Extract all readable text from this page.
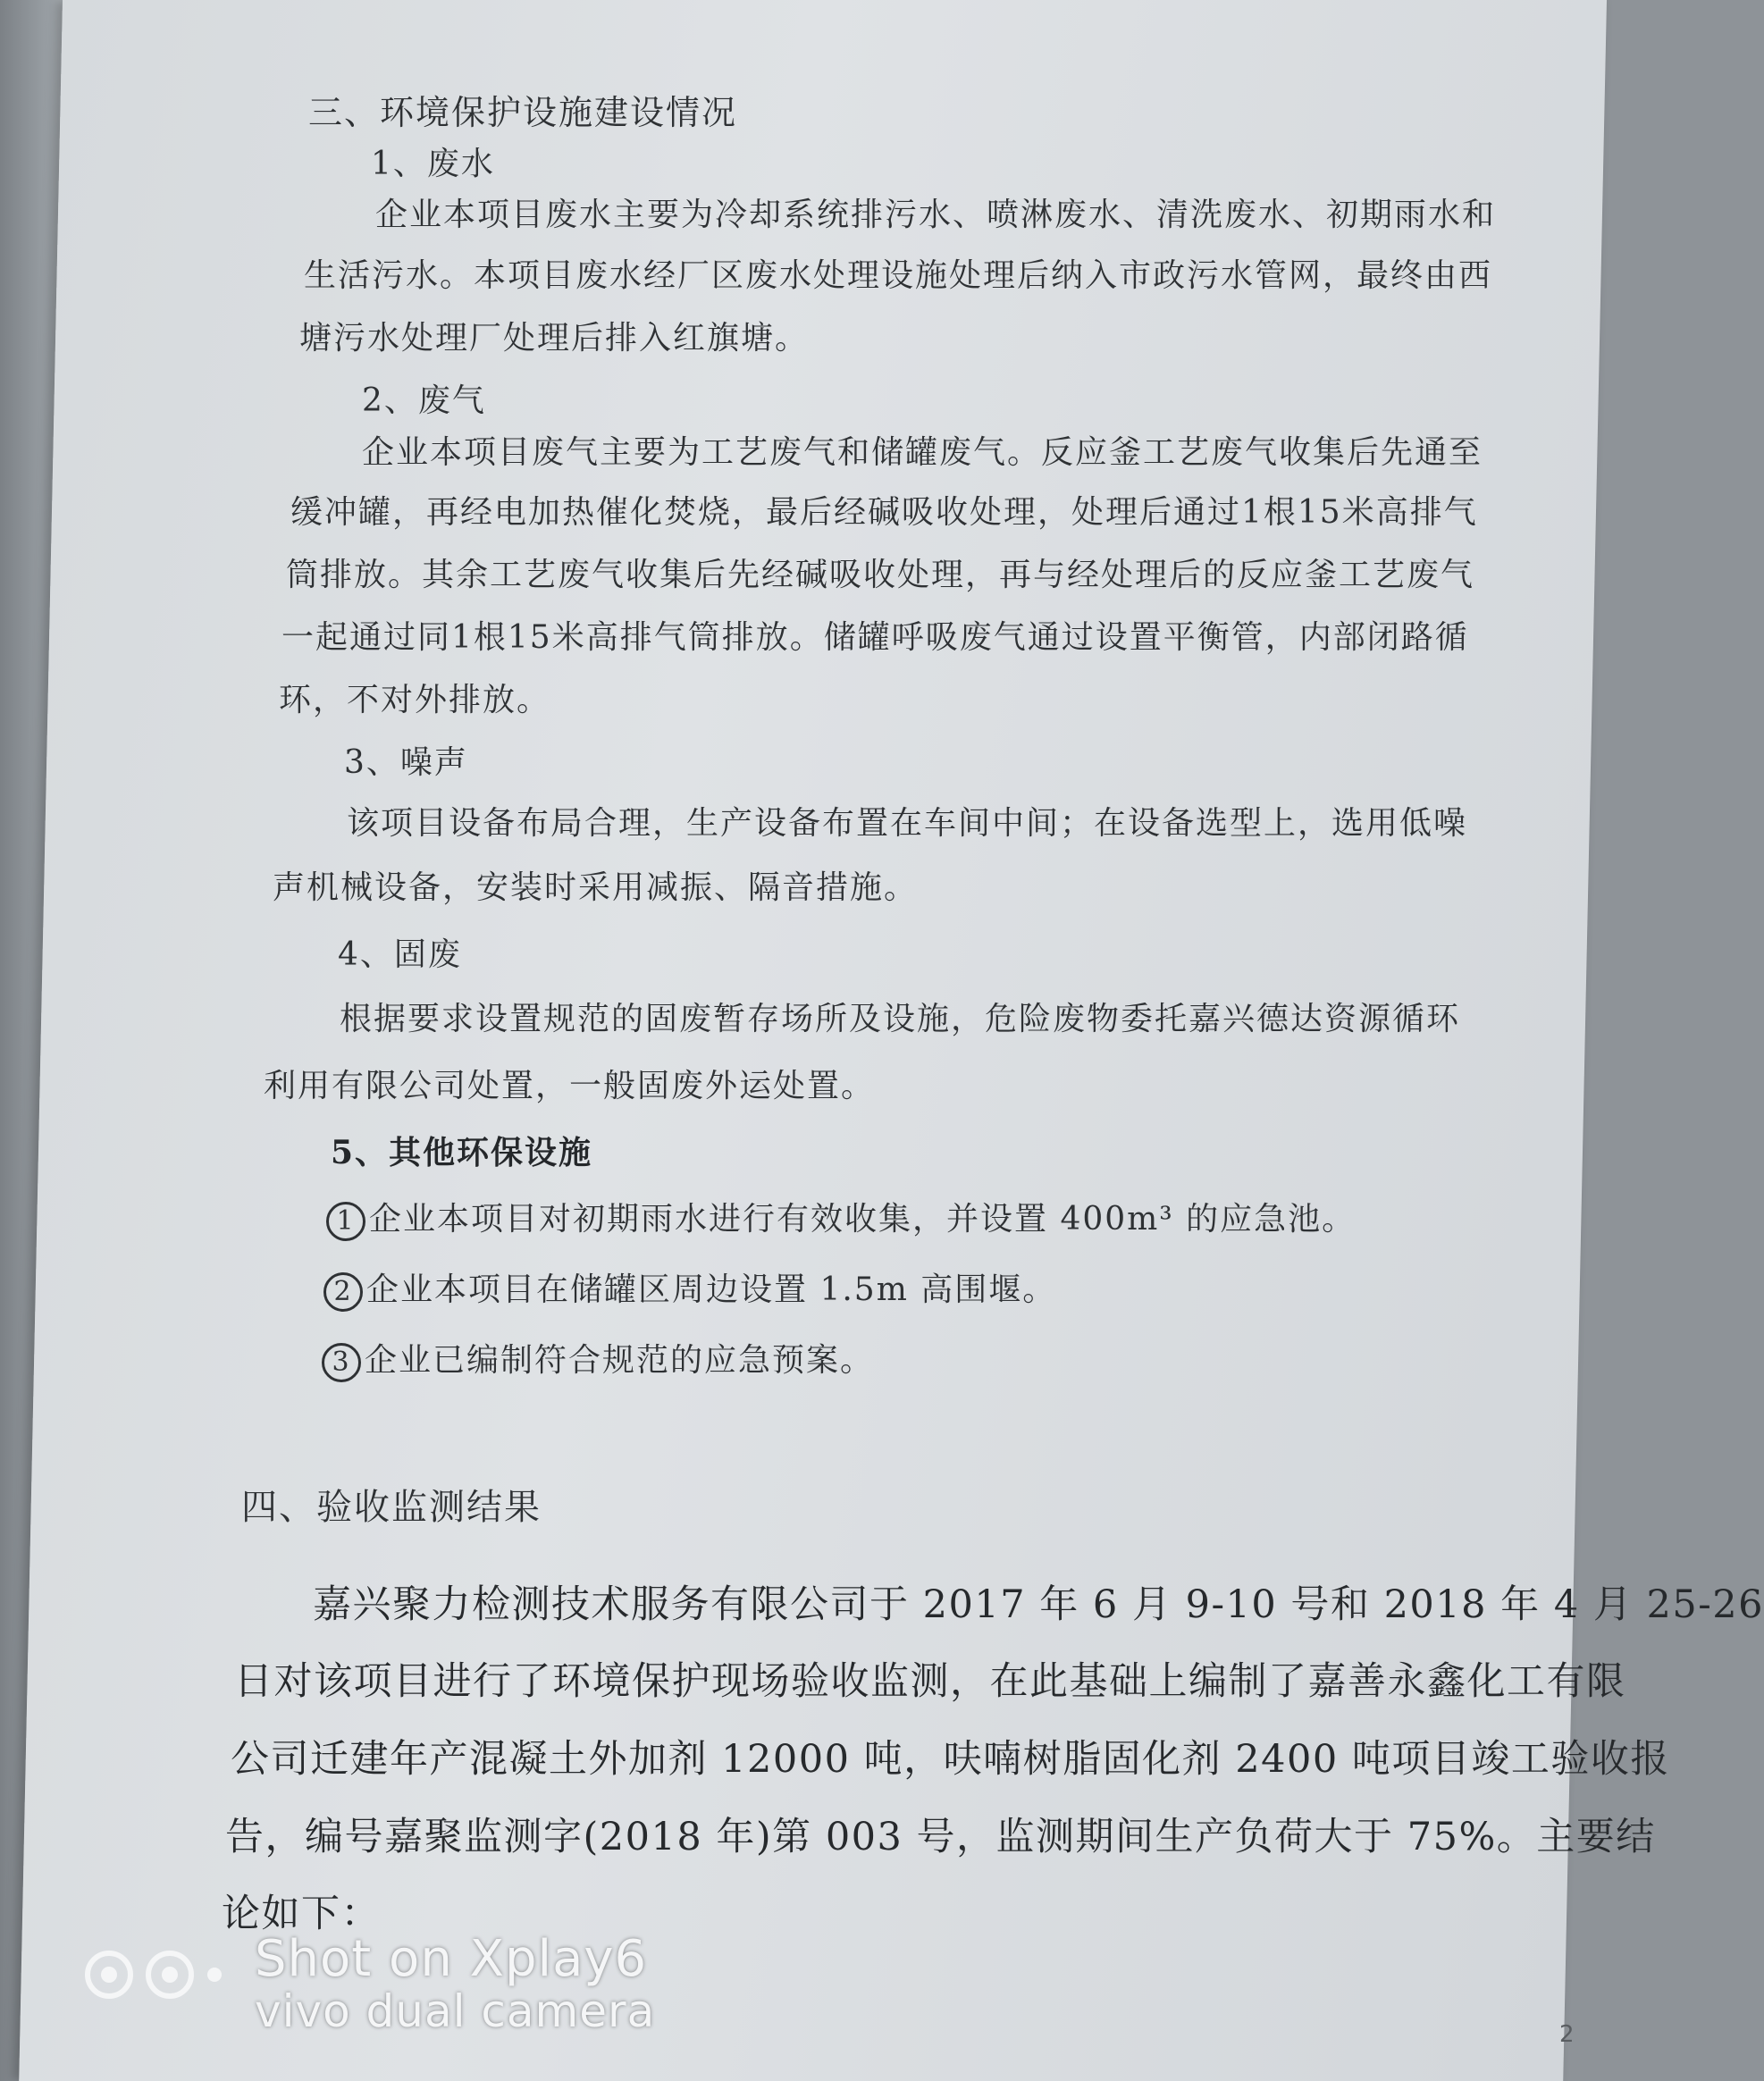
三、环境保护设施建设情况
1、废水
企业本项目废水主要为冷却系统排污水、喷淋废水、清洗废水、初期雨水和
生活污水。本项目废水经厂区废水处理设施处理后纳入市政污水管网，最终由西
塘污水处理厂处理后排入红旗塘。
2、废气
企业本项目废气主要为工艺废气和储罐废气。反应釜工艺废气收集后先通至
缓冲罐，再经电加热催化焚烧，最后经碱吸收处理，处理后通过1根15米高排气
筒排放。其余工艺废气收集后先经碱吸收处理，再与经处理后的反应釜工艺废气
一起通过同1根15米高排气筒排放。储罐呼吸废气通过设置平衡管，内部闭路循
环，不对外排放。
3、噪声
该项目设备布局合理，生产设备布置在车间中间；在设备选型上，选用低噪
声机械设备，安装时采用减振、隔音措施。
4、固废
根据要求设置规范的固废暂存场所及设施，危险废物委托嘉兴德达资源循环
利用有限公司处置，一般固废外运处置。
5、其他环保设施
1 企业本项目对初期雨水进行有效收集，并设置 400m³ 的应急池。
2 企业本项目在储罐区周边设置 1.5m 高围堰。
3 企业已编制符合规范的应急预案。
四、验收监测结果
嘉兴聚力检测技术服务有限公司于 2017 年 6 月 9-10 号和 2018 年 4 月 25-26
日对该项目进行了环境保护现场验收监测，在此基础上编制了嘉善永鑫化工有限
公司迁建年产混凝土外加剂 12000 吨，呋喃树脂固化剂 2400 吨项目竣工验收报
告，编号嘉聚监测字(2018 年)第 003 号，监测期间生产负荷大于 75%。主要结
论如下：
2
Shot on Xplay6
vivo dual camera
